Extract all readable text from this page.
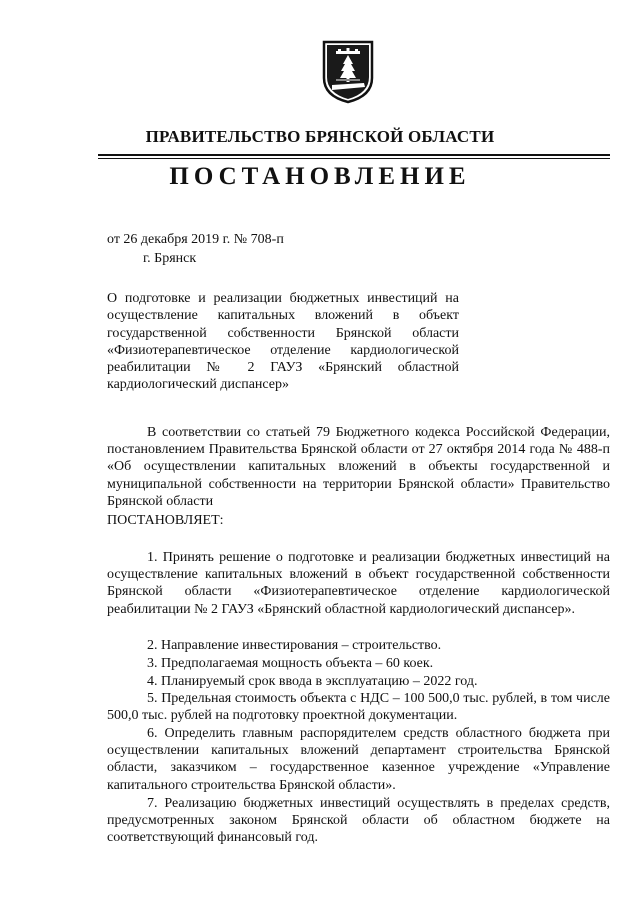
ПРАВИТЕЛЬСТВО БРЯНСКОЙ ОБЛАСТИ
ПОСТАНОВЛЕНИЕ
от 26 декабря 2019 г. № 708-п
г. Брянск
О подготовке и реализации бюджетных инвестиций на осуществление капитальных вложений в объект государственной собственности Брянской области «Физиотерапевтическое отделение кардиологической реабилитации № 2 ГАУЗ «Брянский областной кардиологический диспансер»

В соответствии со статьей 79 Бюджетного кодекса Российской Федерации, постановлением Правительства Брянской области от 27 октября 2014 года № 488-п «Об осуществлении капитальных вложений в объекты государственной и муниципальной собственности на территории Брянской области» Правительство Брянской области

ПОСТАНОВЛЯЕТ:

1. Принять решение о подготовке и реализации бюджетных инвестиций на осуществление капитальных вложений в объект государственной собственности Брянской области «Физиотерапевтическое отделение кардиологической реабилитации № 2 ГАУЗ «Брянский областной кардиологический диспансер».

2. Направление инвестирования – строительство.

3. Предполагаемая мощность объекта – 60 коек.

4. Планируемый срок ввода в эксплуатацию – 2022 год.

5. Предельная стоимость объекта с НДС – 100 500,0 тыс. рублей, в том числе 500,0 тыс. рублей на подготовку проектной документации.

6. Определить главным распорядителем средств областного бюджета при осуществлении капитальных вложений департамент строительства Брянской области, заказчиком – государственное казенное учреждение «Управление капитального строительства Брянской области».

7. Реализацию бюджетных инвестиций осуществлять в пределах средств, предусмотренных законом Брянской области об областном бюджете на соответствующий финансовый год.
